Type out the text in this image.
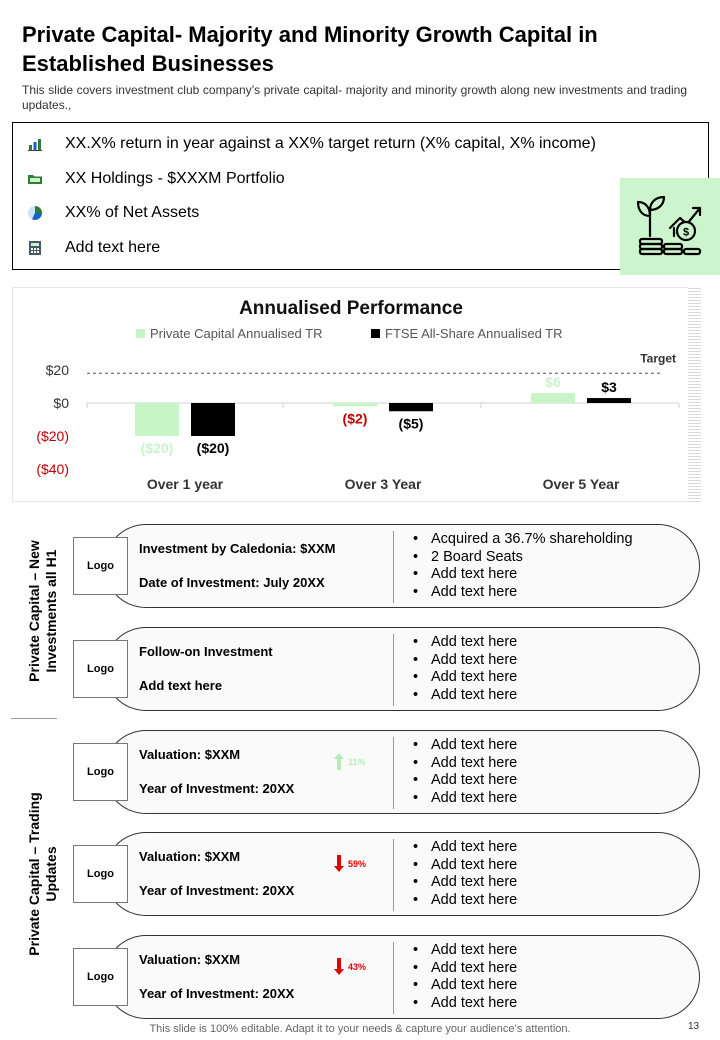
Private Capital- Majority and Minority Growth Capital in Established Businesses
This slide covers investment club company’s private capital- majority and minority growth along new investments and trading updates.,
XX.X% return in year against a XX% target return (X% capital, X% income)
XX Holdings - $XXXM Portfolio
XX% of Net Assets
Add text here
$
Annualised Performance
Private Capital Annualised TR	FTSE All-Share Annualised TR
$20
$0
($20)
($40)
Target
($20) ($20)
Over 1 year
($2) ($5)
Over 3 Year
$6	$3
Over 5 Year
Private Capital – New Investments all H1
Private Capital – Trading Updates
Investment by Caledonia: $XXM
Date of Investment: July 20XX
• Acquired a 36.7% shareholding
• 2 Board Seats
• Add text here
• Add text here
Logo
Follow-on Investment
Add text here
• Add text here
• Add text here
• Add text here
• Add text here
Logo
Valuation: $XXM
Year of Investment: 20XX
• Add text here
• Add text here
• Add text here
• Add text here
Logo
11%
Valuation: $XXM
Year of Investment: 20XX
• Add text here
• Add text here
• Add text here
• Add text here
Logo
59%
Valuation: $XXM
Year of Investment: 20XX
• Add text here
• Add text here
• Add text here
• Add text here
Logo
43%
This slide is 100% editable. Adapt it to your needs & capture your audience’s attention.	13
